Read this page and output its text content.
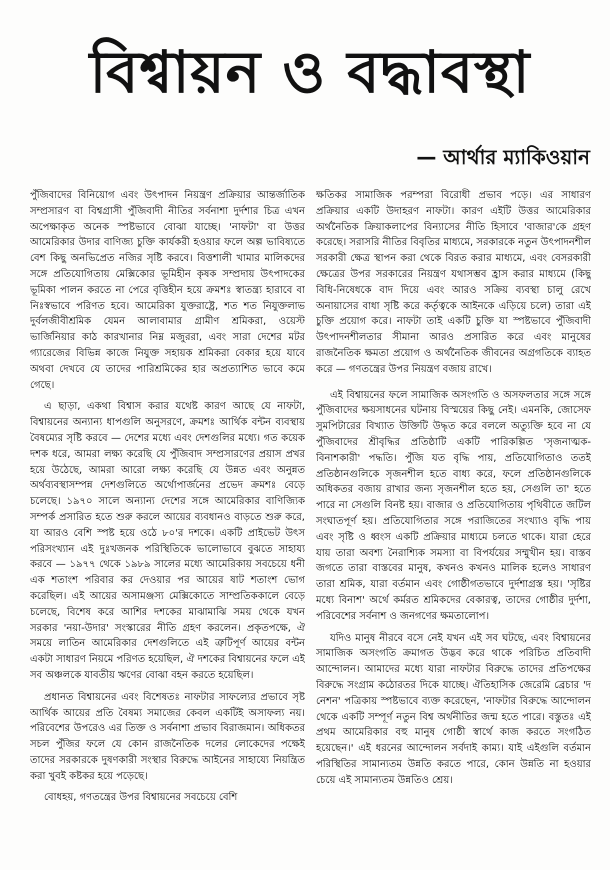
বিশ্বায়ন ও বদ্ধাবস্থা
— আর্থার ম্যাকিওয়ান

পুঁজিবাদের বিনিয়োগ এবং উৎপাদন নিয়ন্ত্রণ প্রক্রিয়ার আন্তর্জাতিক সম্প্রসারণ বা বিশ্বগ্রাসী পুঁজিবাদী নীতির সর্বনাশা দুর্দশার চিত্র এখন অপেক্ষাকৃত অনেক স্পষ্টভাবে বোঝা যাচ্ছে। 'নাফটা' বা উত্তর আমেরিকার উদার বাণিজ্য চুক্তি কার্যকরী হওয়ার ফলে অল্প ভাবিষ্যতে বেশ কিছু অনভিপ্রেত নজির সৃষ্টি করবে। বিত্তশালী খামার মালিকদের সঙ্গে প্রতিযোগিতায় মেক্সিকোর ভূমিহীন কৃষক সম্প্রদায় উৎপাদকের ভূমিকা পালন করতে না পেরে বৃত্তিহীন হয়ে ক্রমশঃ স্বাতন্ত্র্য হারাবে বা নিঃস্বভাবে পরিণত হবে। আমেরিকা যুক্তরাষ্ট্রে, শত শত নিযুক্তলাভ দুর্বলজীবীশ্রমিক যেমন আলাবামার গ্রামীণ শ্রমিকরা, ওয়েস্ট ভার্জিনিয়ার কাঠ কারখানার নিম্ন মজুররা, এবং সারা দেশের মটর গ্যারেজের বিভিন্ন কাজে নিযুক্ত সহায়ক শ্রমিকরা বেকার হয়ে যাবে অথবা দেখবে যে তাদের পারিশ্রমিকের হার অপ্রত্যাশিত ভাবে কমে গেছে।

এ ছাড়া, একথা বিশ্বাস করার যথেষ্ট কারণ আছে যে নাফটা, বিশ্বায়নের অন্যান্য ধাপগুলি অনুসরণে, ক্রমশঃ আর্থিক বন্টন ব্যবস্থায় বৈষম্যের সৃষ্টি করবে — দেশের মধ্যে এবং দেশগুলির মধ্যে। গত কয়েক দশক ধরে, আমরা লক্ষ্য করেছি যে পুঁজিবাদ সম্প্রসারণের প্রয়াস প্রখর হয়ে উঠেছে, আমরা আরো লক্ষ্য করেছি যে উন্নত এবং অনুন্নত অর্থব্যবস্থাসম্পন্ন দেশগুলিতে অর্থোপার্জনের প্রভেদ ক্রমশঃ বেড়ে চলেছে। ১৯৭০ সালে অন্যান্য দেশের সঙ্গে আমেরিকার বাণিজ্যিক সম্পর্ক প্রসারিত হতে শুরু করলে আয়ের ব্যবধানও বাড়তে শুরু করে, যা আরও বেশি স্পষ্ট হয়ে ওঠে ৮০'র দশকে। একটি প্রাইভেট উৎস পরিসংখ্যান এই দুঃখজনক পরিস্থিতিকে ভালোভাবে বুঝতে সাহায্য করবে — ১৯৭৭ থেকে ১৯৮৯ সালের মধ্যে আমেরিকায় সবচেয়ে ধনী এক শতাংশ পরিবার কর দেওয়ার পর আয়ের ষাট শতাংশ ভোগ করেছিল। এই আয়ের অসামঞ্জস্য মেক্সিকোতে সাম্প্রতিককালে বেড়ে চলেছে, বিশেষ করে আশির দশকের মাঝামাঝি সময় থেকে যখন সরকার 'নয়া-উদার' সংস্কারের নীতি গ্রহণ করলেন। প্রকৃতপক্ষে, ঐ সময়ে লাতিন আমেরিকার দেশগুলিতে এই ত্রুটিপূর্ণ আয়ের বন্টন একটা সাধারণ নিয়মে পরিণত হয়েছিল, ঐ দশকের বিশ্বায়নের ফলে এই সব অঞ্চলকে যাবতীয় ঋণের বোঝা বহন করতে হয়েছিল।

প্রধানত বিশ্বায়নের এবং বিশেষতঃ নাফটার সাফল্যের প্রভাবে সৃষ্ট আর্থিক আয়ের প্রতি বৈষম্য সমাজের কেবল একটিই অসাফল্য নয়। পরিবেশের উপরেও এর তিক্ত ও সর্বনাশা প্রভাব বিরাজমান। অধিকতর সচল পুঁজির ফলে যে কোন রাজনৈতিক দলের লোকেদের পক্ষেই তাদের সরকারকে দুষণকারী সংস্থার বিরুদ্ধে আইনের সাহায্যে নিয়ন্ত্রিত করা খুবই কষ্টকর হয়ে পড়েছে।

বোধহয়, গণতন্ত্রের উপর বিশ্বায়নের সবচেয়ে বেশি

ক্ষতিকর সামাজিক পরম্পরা বিরোধী প্রভাব পড়ে। এর সাধারণ প্রক্রিয়ার একটি উদাহরণ নাফটা। কারণ এইটি উত্তর আমেরিকার অর্থনৈতিক ক্রিয়াকলাপের বিন্যাসের নীতি হিসাবে 'বাজার'কে গ্রহণ করেছে। সরাসরি নীতির বিবৃতির মাধ্যমে, সরকারকে নতুন উৎপাদনশীল সরকারী ক্ষেত্র স্থাপন করা থেকে বিরত করার মাধ্যমে, এবং বেসরকারী ক্ষেত্রের উপর সরকারের নিয়ন্ত্রণ যথাসম্ভব হ্রাস করার মাধ্যমে (কিছু বিধি-নিষেধকে বাদ দিয়ে এবং আরও সক্রিয় ব্যবস্থা চালু রেখে অনায়াসের বাধা সৃষ্টি করে কর্তৃত্বকে আইনকে এড়িয়ে চলে) তারা এই চুক্তি প্রয়োগ করে। নাফটা তাই একটি চুক্তি যা স্পষ্টভাবে পুঁজিবাদী উৎপাদনশীলতার সীমানা আরও প্রসারিত করে এবং মানুষের রাজনৈতিক ক্ষমতা প্রয়োগ ও অর্থনৈতিক জীবনের অগ্রগতিকে ব্যাহত করে — গণতন্ত্রের উপর নিয়ন্ত্রণ বজায় রাখে।

এই বিশ্বায়নের ফলে সামাজিক অসংগতি ও অসফলতার সঙ্গে সঙ্গে পুঁজিবাদের ক্ষয়সাধনের ঘটনায় বিস্ময়ের কিছু নেই। এমনকি, জোসেফ সুমপিটারের বিখ্যাত উক্তিটি উদ্ধৃত করে বললে অত্যুক্তি হবে না যে পুঁজিবাদের শ্রীবৃদ্ধির প্রতিষ্ঠাটি একটি পারিকল্পিত 'সৃজনাত্মক-বিনাশকারী' পদ্ধতি। পুঁজি যত বৃদ্ধি পায়, প্রতিযোগিতাও ততই প্রতিষ্ঠানগুলিকে সৃজনশীল হতে বাধ্য করে, ফলে প্রতিষ্ঠানগুলিকে অধিকতর বজায় রাখার জন্য সৃজনশীল হতে হয়, সেগুলি তা' হতে পারে না সেগুলি বিনষ্ট হয়। বাজার ও প্রতিযোগিতায় পৃথিবীতে জটিল সংঘাতপূর্ণ হয়। প্রতিযোগিতার সঙ্গে পরাজিতের সংখ্যাও বৃদ্ধি পায় এবং সৃষ্টি ও ধ্বংস একটি প্রক্রিয়ার মাধ্যমে চলতে থাকে। যারা হেরে যায় তারা অবশ্য নৈরাশ্যিক সমস্যা বা বিপর্যয়ের সম্মুখীন হয়। বাস্তব জগতে তারা বাস্তবের মানুষ, কখনও কখনও মালিক হলেও সাধারণ তারা শ্রমিক, যারা বর্তমান এবং গোষ্ঠীগতভাবে দুর্দশাগ্রস্ত হয়। 'সৃষ্টির মধ্যে বিনাশ' অর্থে কর্মরত শ্রমিকদের বেকারত্ব, তাদের গোষ্ঠীর দুর্দশা, পরিবেশের সর্বনাশ ও জনগণের ক্ষমতালোপ।

যদিও মানুষ নীরবে বসে নেই যখন এই সব ঘটছে, এবং বিশ্বায়নের সামাজিক অসংগতি ক্রমাগত উদ্ভব করে থাকে পরিচিত প্রতিবাদী আন্দোলন। আমাদের মধ্যে যারা নাফটার বিরুদ্ধে তাদের প্রতিপক্ষের বিরুদ্ধে সংগ্রাম কঠোরতর দিকে যাচ্ছে। ঐতিহাসিক জেরেমি ব্রেচার 'দ নেশন' পত্রিকায় স্পষ্টভাবে ব্যক্ত করেছেন, 'নাফটার বিরুদ্ধে আন্দোলন থেকে একটি সম্পূর্ণ নতুন বিশ্ব অর্থনীতির জন্ম হতে পারে। বস্তুতঃ এই প্রথম আমেরিকার বহু মানুষ গোষ্ঠী স্বার্থে কাজ করতে সংগঠিত হয়েছেন।' এই ধরনের আন্দোলন সর্বদাই কাম্য। যাই এইগুলি বর্তমান পরিস্থিতির সামান্যতম উন্নতি করতে পারে, কোন উন্নতি না হওয়ার চেয়ে এই সামান্যতম উন্নতিও শ্রেয়।
